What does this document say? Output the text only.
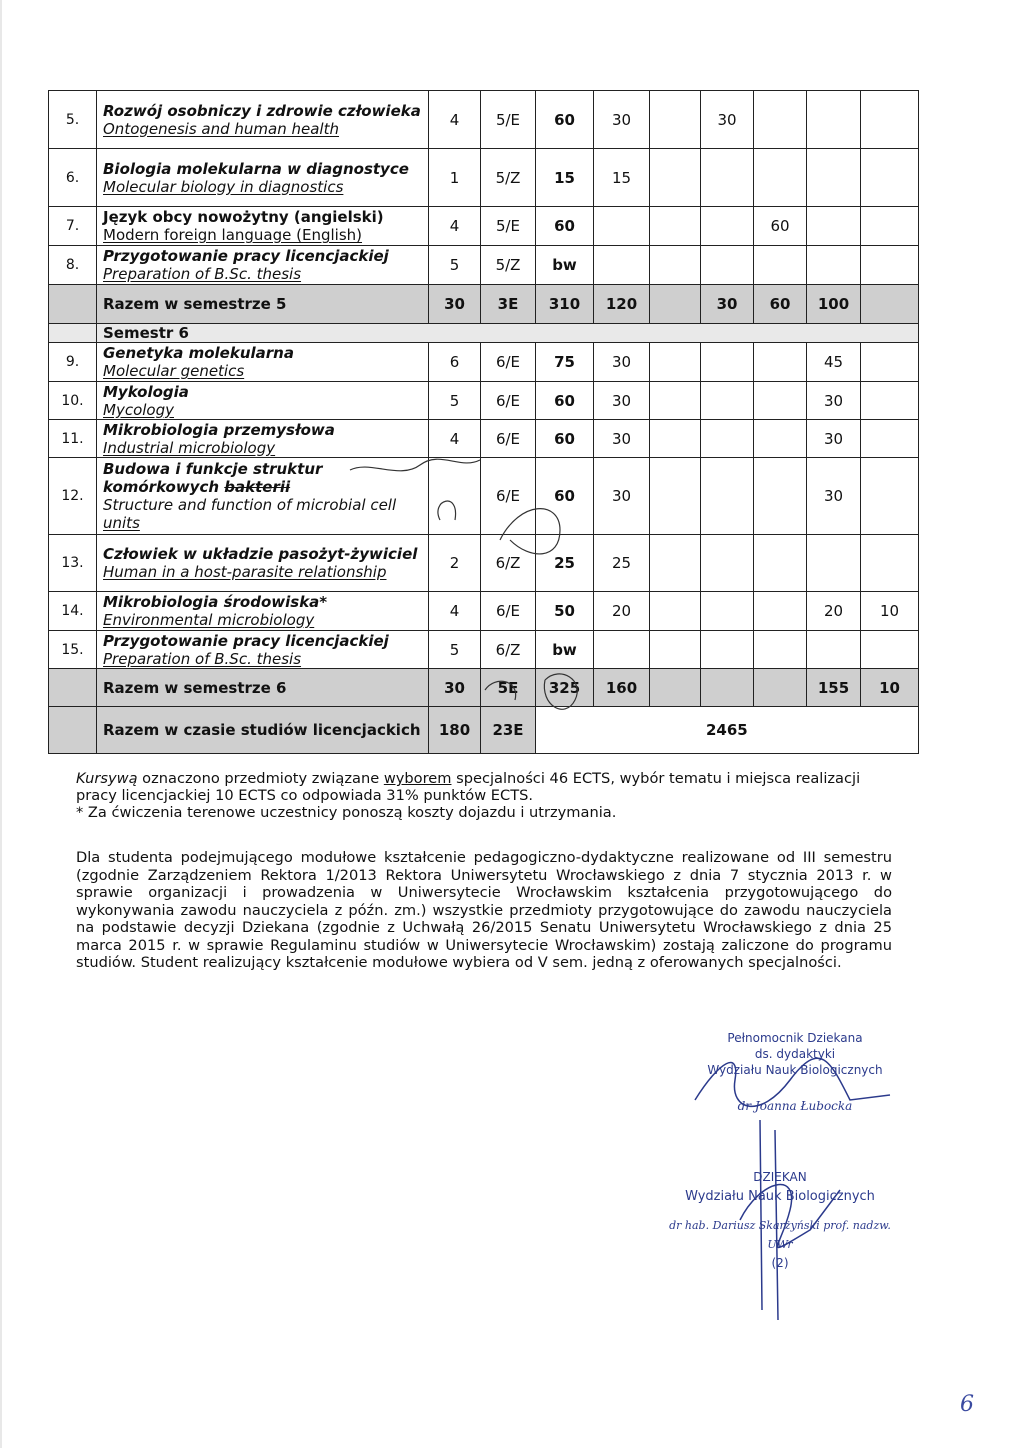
5.	Rozwój osobniczy i zdrowie człowieka
Ontogenesis and human health	4	5/E	60	30		30			
6.	Biologia molekularna w diagnostyce
Molecular biology in diagnostics	1	5/Z	15	15					
7.	Język obcy nowożytny (angielski)
Modern foreign language (English)	4	5/E	60				60		
8.	Przygotowanie pracy licencjackiej
Preparation of B.Sc. thesis	5	5/Z	bw						
	Razem w semestrze 5	30	3E	310	120		30	60	100	
	Semestr 6									
9.	Genetyka molekularna
Molecular genetics	6	6/E	75	30				45	
10.	Mykologia
Mycology	5	6/E	60	30				30	
11.	Mikrobiologia przemysłowa
Industrial microbiology	4	6/E	60	30				30	
12.	Budowa i funkcje struktur
komórkowych bakterii
Structure and function of microbial cell
units		6/E	60	30				30	
13.	Człowiek w układzie pasożyt-żywiciel
Human in a host-parasite relationship	2	6/Z	25	25					
14.	Mikrobiologia środowiska*
Environmental microbiology	4	6/E	50	20				20	10
15.	Przygotowanie pracy licencjackiej
Preparation of B.Sc. thesis	5	6/Z	bw						
	Razem w semestrze 6	30	5E	325	160				155	10
	Razem w czasie studiów licencjackich	180	23E	2465						

Kursywą oznaczono przedmioty związane wyborem specjalności 46 ECTS, wybór tematu i miejsca realizacji pracy licencjackiej 10 ECTS co odpowiada 31% punktów ECTS.

* Za ćwiczenia terenowe uczestnicy ponoszą koszty dojazdu i utrzymania.

Dla studenta podejmującego modułowe kształcenie pedagogiczno-dydaktyczne realizowane od III semestru (zgodnie Zarządzeniem Rektora 1/2013 Rektora Uniwersytetu Wrocławskiego z dnia 7 stycznia 2013 r. w sprawie organizacji i prowadzenia w Uniwersytecie Wrocławskim kształcenia przygotowującego do wykonywania zawodu nauczyciela z późn. zm.) wszystkie przedmioty przygotowujące do zawodu nauczyciela na podstawie decyzji Dziekana (zgodnie z Uchwałą 26/2015 Senatu Uniwersytetu Wrocławskiego z dnia 25 marca 2015 r. w sprawie Regulaminu studiów w Uniwersytecie Wrocławskim) zostają zaliczone do programu studiów. Student realizujący kształcenie modułowe wybiera od V sem. jedną z oferowanych specjalności.
Pełnomocnik Dziekana
ds. dydaktyki
Wydziału Nauk Biologicznych
dr Joanna Łubocka
DZIEKAN
Wydziału Nauk Biologicznych
dr hab. Dariusz Skarżyński prof. nadzw. UWr
(2)
6
